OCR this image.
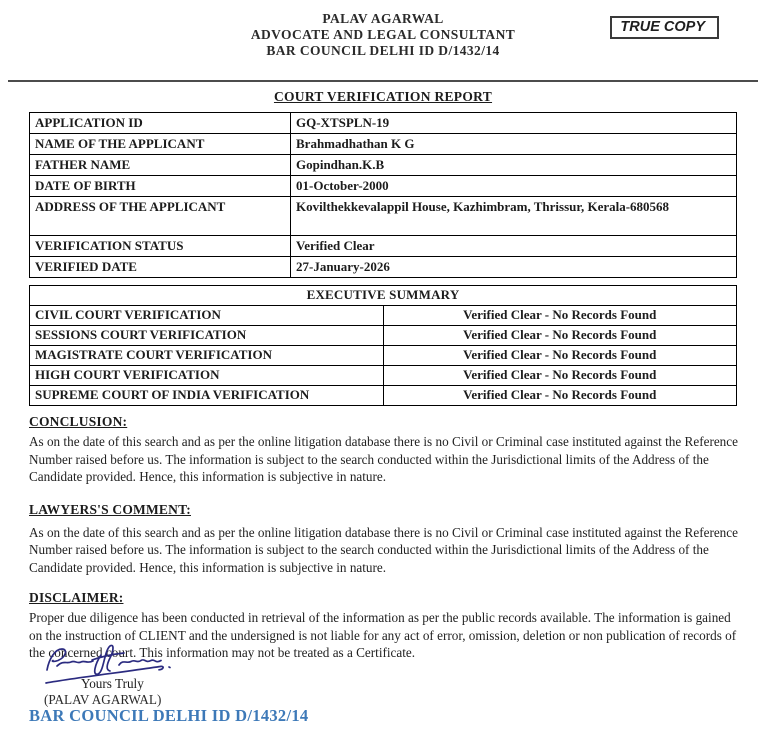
PALAV AGARWAL
ADVOCATE AND LEGAL CONSULTANT
BAR COUNCIL DELHI ID D/1432/14
TRUE COPY
COURT VERIFICATION REPORT
APPLICATION ID	GQ-XTSPLN-19
NAME OF THE APPLICANT	Brahmadhathan K G
FATHER NAME	Gopindhan.K.B
DATE OF BIRTH	01-October-2000
ADDRESS OF THE APPLICANT	Kovilthekkevalappil House, Kazhimbram, Thrissur, Kerala-680568
VERIFICATION STATUS	Verified Clear
VERIFIED DATE	27-January-2026
EXECUTIVE SUMMARY	
CIVIL COURT VERIFICATION	Verified Clear - No Records Found
SESSIONS COURT VERIFICATION	Verified Clear - No Records Found
MAGISTRATE COURT VERIFICATION	Verified Clear - No Records Found
HIGH COURT VERIFICATION	Verified Clear - No Records Found
SUPREME COURT OF INDIA VERIFICATION	Verified Clear - No Records Found
CONCLUSION:
As on the date of this search and as per the online litigation database there is no Civil or Criminal case instituted against the Reference Number raised before us. The information is subject to the search conducted within the Jurisdictional limits of the Address of the Candidate provided. Hence, this information is subjective in nature.
LAWYERS'S COMMENT:
As on the date of this search and as per the online litigation database there is no Civil or Criminal case instituted against the Reference Number raised before us. The information is subject to the search conducted within the Jurisdictional limits of the Address of the Candidate provided. Hence, this information is subjective in nature.
DISCLAIMER:
Proper due diligence has been conducted in retrieval of the information as per the public records available. The information is gained on the instruction of CLIENT and the undersigned is not liable for any act of error, omission, deletion or non publication of records of the concerned court. This information may not be treated as a Certificate.
Yours Truly
(PALAV AGARWAL)
BAR COUNCIL DELHI ID D/1432/14
